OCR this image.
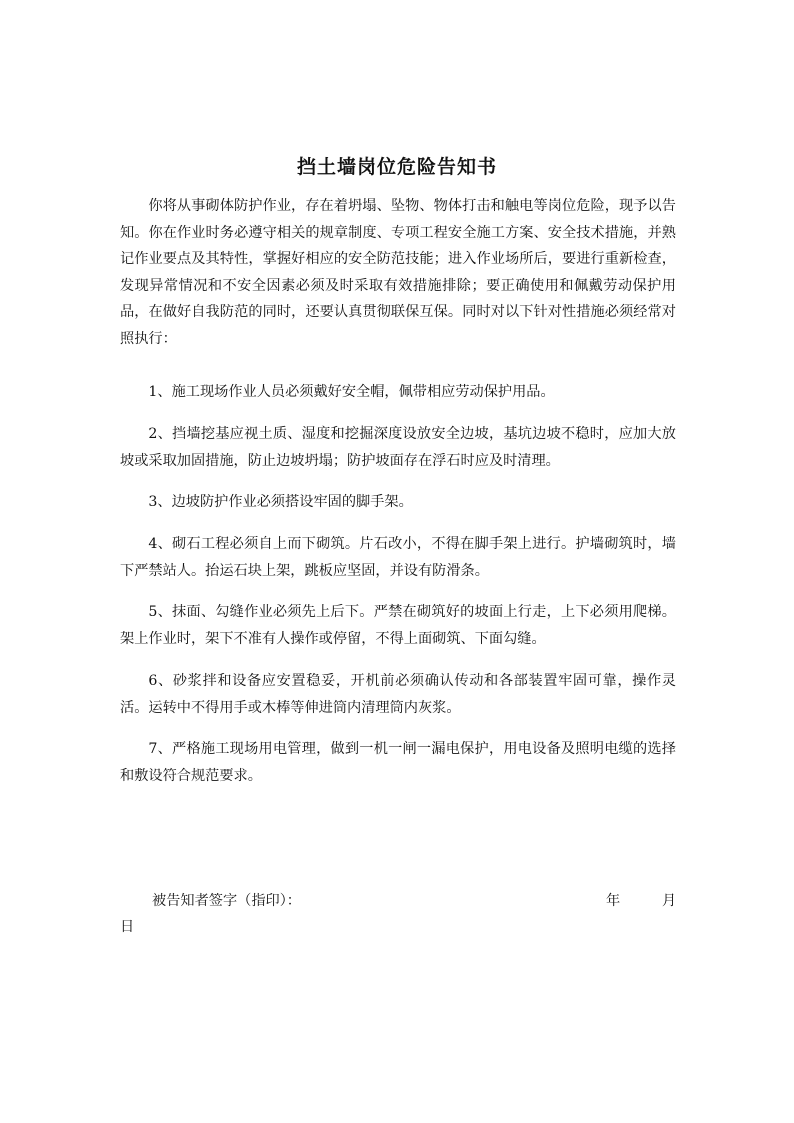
挡土墙岗位危险告知书

你将从事砌体防护作业，存在着坍塌、坠物、物体打击和触电等岗位危险，现予以告知。你在作业时务必遵守相关的规章制度、专项工程安全施工方案、安全技术措施，并熟记作业要点及其特性，掌握好相应的安全防范技能；进入作业场所后，要进行重新检查，发现异常情况和不安全因素必须及时采取有效措施排除；要正确使用和佩戴劳动保护用品，在做好自我防范的同时，还要认真贯彻联保互保。同时对以下针对性措施必须经常对照执行：

1、施工现场作业人员必须戴好安全帽，佩带相应劳动保护用品。

2、挡墙挖基应视土质、湿度和挖掘深度设放安全边坡，基坑边坡不稳时，应加大放坡或采取加固措施，防止边坡坍塌；防护坡面存在浮石时应及时清理。

3、边坡防护作业必须搭设牢固的脚手架。

4、砌石工程必须自上而下砌筑。片石改小，不得在脚手架上进行。护墙砌筑时，墙下严禁站人。抬运石块上架，跳板应坚固，并设有防滑条。

5、抹面、勾缝作业必须先上后下。严禁在砌筑好的坡面上行走，上下必须用爬梯。架上作业时，架下不准有人操作或停留，不得上面砌筑、下面勾缝。

6、砂浆拌和设备应安置稳妥，开机前必须确认传动和各部装置牢固可靠，操作灵活。运转中不得用手或木棒等伸进筒内清理筒内灰浆。

7、严格施工现场用电管理，做到一机一闸一漏电保护，用电设备及照明电缆的选择和敷设符合规范要求。

被告知者签字（指印）：	年	月
日
